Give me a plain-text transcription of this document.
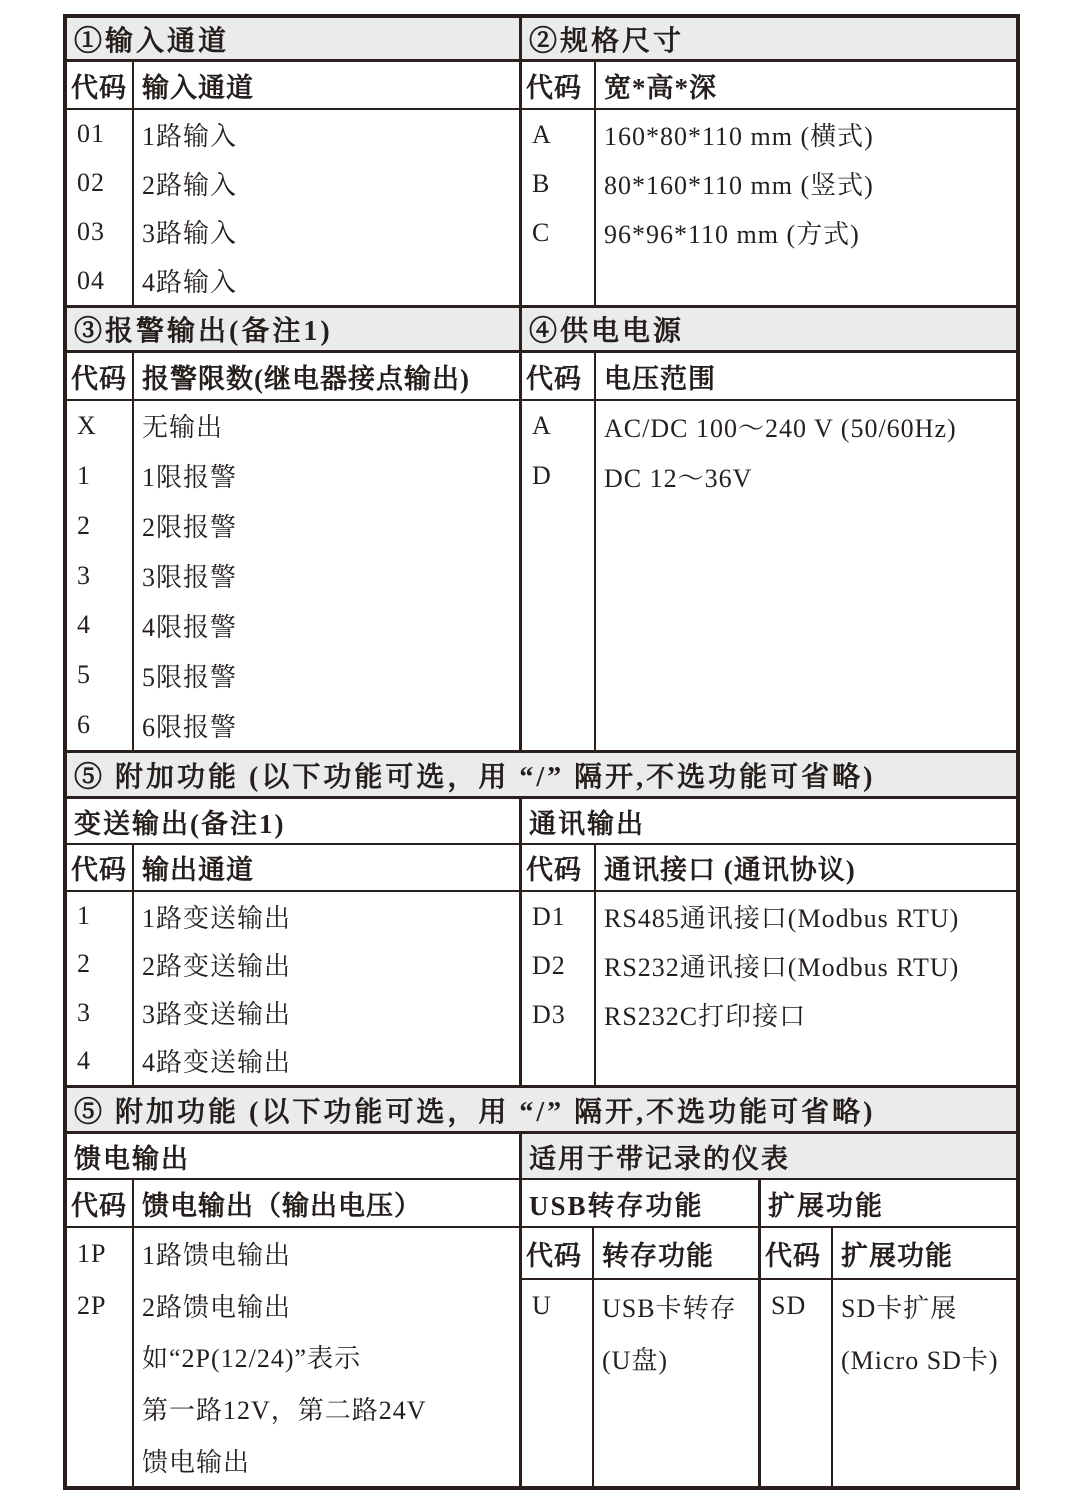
①输入通道
代码 输入通道
01
02
03
04
1路输入
2路输入
3路输入
4路输入
②规格尺寸
代码 宽*高*深
A
B
C
160*80*110 mm (横式)
80*160*110 mm (竖式)
96*96*110 mm (方式)
③报警输出(备注1)
代码 报警限数(继电器接点输出)
X
1
2
3
4
5
6
无输出
1限报警
2限报警
3限报警
4限报警
5限报警
6限报警
④供电电源
代码 电压范围
A
D
AC/DC 100～240 V (50/60Hz)
DC 12～36V
⑤ 附加功能 (以下功能可选，用 “/” 隔开,不选功能可省略)
变送输出(备注1)
代码 输出通道
1
2
3
4
1路变送输出
2路变送输出
3路变送输出
4路变送输出
通讯输出
代码 通讯接口 (通讯协议)
D1
D2
D3
RS485通讯接口(Modbus RTU)
RS232通讯接口(Modbus RTU)
RS232C打印接口
⑤ 附加功能 (以下功能可选，用 “/” 隔开,不选功能可省略)
馈电输出
代码 馈电输出（输出电压）
1P
2P
1路馈电输出
2路馈电输出
如“2P(12/24)”表示
第一路12V，第二路24V
馈电输出
适用于带记录的仪表
USB转存功能
代码 转存功能
U	USB卡转存
(U盘)
扩展功能
代码 扩展功能
SD	SD卡扩展
(Micro SD卡)
